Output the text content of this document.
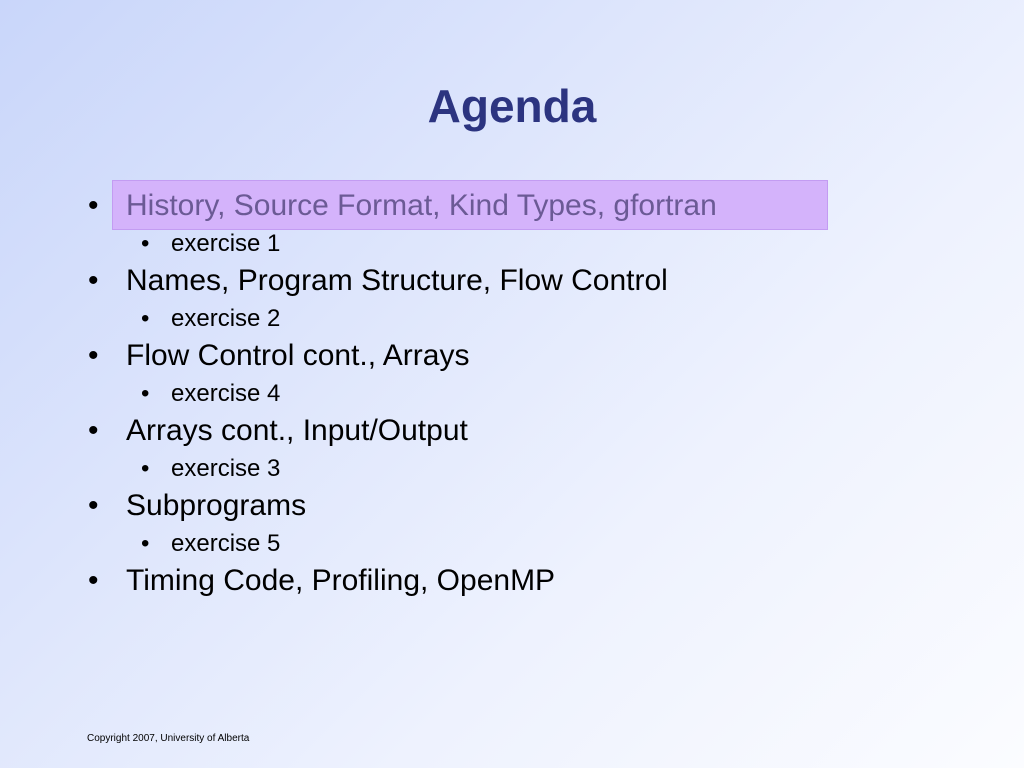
Agenda
• History, Source Format, Kind Types, gfortran
• exercise 1
• Names, Program Structure, Flow Control
• exercise 2
• Flow Control cont., Arrays
• exercise 4
• Arrays cont., Input/Output
• exercise 3
• Subprograms
• exercise 5
• Timing Code, Profiling, OpenMP
Copyright 2007, University of Alberta
